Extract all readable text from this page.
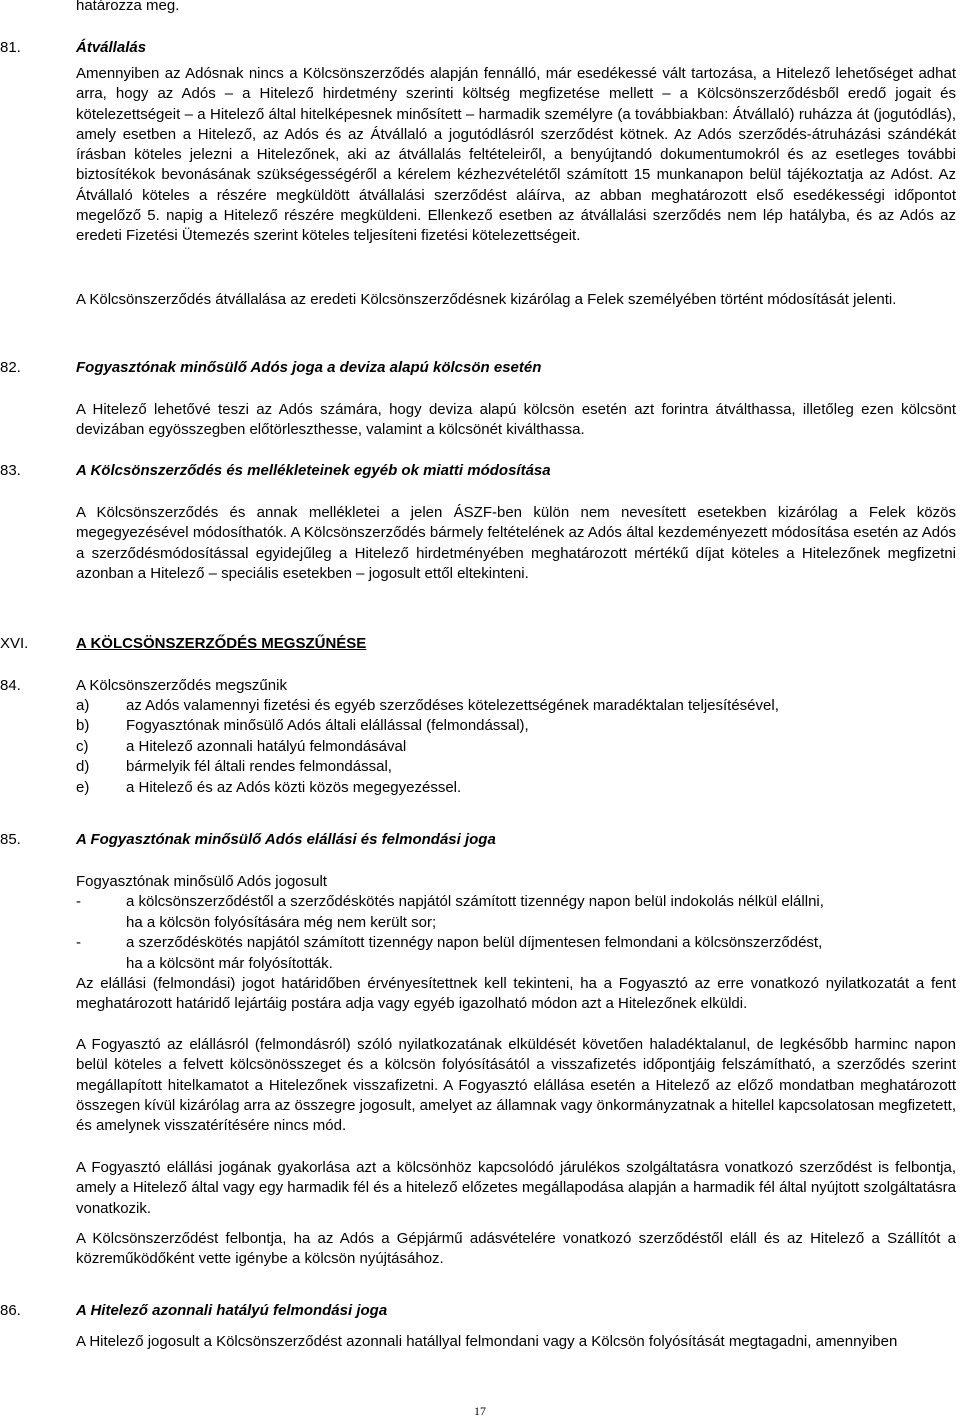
határozza meg.
81.	Átvállalás
Amennyiben az Adósnak nincs a Kölcsönszerződés alapján fennálló, már esedékessé vált tartozása, a Hitelező lehetőséget adhat arra, hogy az Adós – a Hitelező hirdetmény szerinti költség megfizetése mellett – a Kölcsönszerződésből eredő jogait és kötelezettségeit – a Hitelező által hitelképesnek minősített – harmadik személyre (a továbbiakban: Átvállaló) ruházza át (jogutódlás), amely esetben a Hitelező, az Adós és az Átvállaló a jogutódlásról szerződést kötnek. Az Adós szerződés-átruházási szándékát írásban köteles jelezni a Hitelezőnek, aki az átvállalás feltételeiről, a benyújtandó dokumentumokról és az esetleges további biztosítékok bevonásának szükségességéről a kérelem kézhezvételétől számított 15 munkanapon belül tájékoztatja az Adóst. Az Átvállaló köteles a részére megküldött átvállalási szerződést aláírva, az abban meghatározott első esedékességi időpontot megelőző 5. napig a Hitelező részére megküldeni. Ellenkező esetben az átvállalási szerződés nem lép hatályba, és az Adós az eredeti Fizetési Ütemezés szerint köteles teljesíteni fizetési kötelezettségeit.
A Kölcsönszerződés átvállalása az eredeti Kölcsönszerződésnek kizárólag a Felek személyében történt módosítását jelenti.
82.	Fogyasztónak minősülő Adós joga a deviza alapú kölcsön esetén
A Hitelező lehetővé teszi az Adós számára, hogy deviza alapú kölcsön esetén azt forintra átválthassa, illetőleg ezen kölcsönt devizában egyösszegben előtörleszthesse, valamint a kölcsönét kiválthassa.
83.	A Kölcsönszerződés és mellékleteinek egyéb ok miatti módosítása
A Kölcsönszerződés és annak mellékletei a jelen ÁSZF-ben külön nem nevesített esetekben kizárólag a Felek közös megegyezésével módosíthatók. A Kölcsönszerződés bármely feltételének az Adós által kezdeményezett módosítása esetén az Adós a szerződésmódosítással egyidejűleg a Hitelező hirdetményében meghatározott mértékű díjat köteles a Hitelezőnek megfizetni azonban a Hitelező – speciális esetekben – jogosult ettől eltekinteni.
XVI.	A KÖLCSÖNSZERZŐDÉS MEGSZŰNÉSE
84.	A Kölcsönszerződés megszűnik
a) az Adós valamennyi fizetési és egyéb szerződéses kötelezettségének maradéktalan teljesítésével,
b) Fogyasztónak minősülő Adós általi elállással (felmondással),
c)	a Hitelező azonnali hatályú felmondásával
d) bármelyik fél általi rendes felmondással,
e) a Hitelező és az Adós közti közös megegyezéssel.
85.	A Fogyasztónak minősülő Adós elállási és felmondási joga
Fogyasztónak minősülő Adós jogosult
-	a kölcsönszerződéstől a szerződéskötés napjától számított tizennégy napon belül indokolás nélkül elállni,
ha a kölcsön folyósítására még nem került sor;
-	a szerződéskötés napjától számított tizennégy napon belül díjmentesen felmondani a kölcsönszerződést,
ha a kölcsönt már folyósították.
Az elállási (felmondási) jogot határidőben érvényesítettnek kell tekinteni, ha a Fogyasztó az erre vonatkozó nyilatkozatát a fent meghatározott határidő lejártáig postára adja vagy egyéb igazolható módon azt a Hitelezőnek elküldi.
A Fogyasztó az elállásról (felmondásról) szóló nyilatkozatának elküldését követően haladéktalanul, de legkésőbb harminc napon belül köteles a felvett kölcsönösszeget és a kölcsön folyósításától a visszafizetés időpontjáig felszámítható, a szerződés szerint megállapított hitelkamatot a Hitelezőnek visszafizetni. A Fogyasztó elállása esetén a Hitelező az előző mondatban meghatározott összegen kívül kizárólag arra az összegre jogosult, amelyet az államnak vagy önkormányzatnak a hitellel kapcsolatosan megfizetett, és amelynek visszatérítésére nincs mód.
A Fogyasztó elállási jogának gyakorlása azt a kölcsönhöz kapcsolódó járulékos szolgáltatásra vonatkozó szerződést is felbontja, amely a Hitelező által vagy egy harmadik fél és a hitelező előzetes megállapodása alapján a harmadik fél által nyújtott szolgáltatásra vonatkozik.
A Kölcsönszerződést felbontja, ha az Adós a Gépjármű adásvételére vonatkozó szerződéstől eláll és az Hitelező a Szállítót a közreműködőként vette igénybe a kölcsön nyújtásához.
86.	A Hitelező azonnali hatályú felmondási joga
A Hitelező jogosult a Kölcsönszerződést azonnali hatállyal felmondani vagy a Kölcsön folyósítását megtagadni, amennyiben
17
